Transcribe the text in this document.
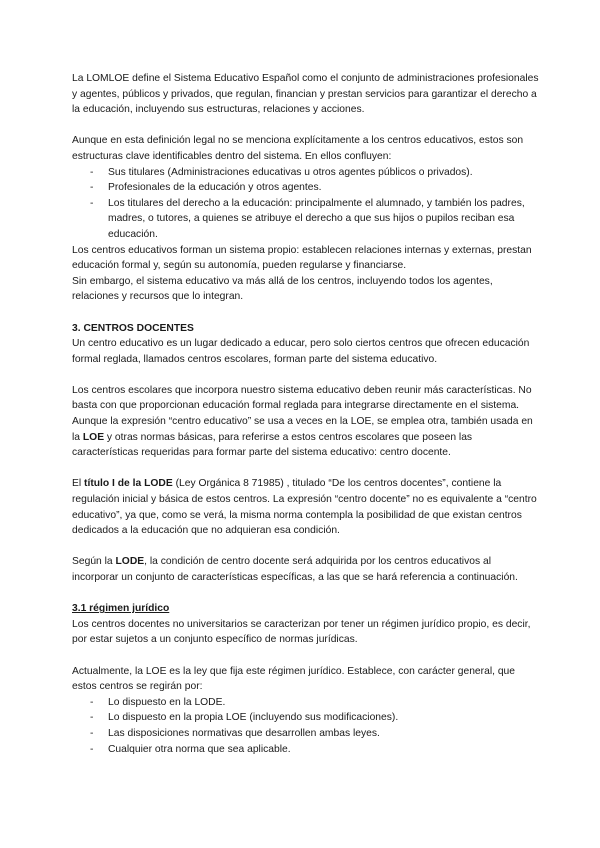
La LOMLOE define el Sistema Educativo Español como el conjunto de administraciones profesionales y agentes, públicos y privados, que regulan, financian y prestan servicios para garantizar el derecho a la educación, incluyendo sus estructuras, relaciones y acciones.

Aunque en esta definición legal no se menciona explícitamente a los centros educativos, estos son estructuras clave identificables dentro del sistema. En ellos confluyen:

- Sus titulares (Administraciones educativas u otros agentes públicos o privados).
- Profesionales de la educación y otros agentes.
- Los titulares del derecho a la educación: principalmente el alumnado, y también los padres, madres, o tutores, a quienes se atribuye el derecho a que sus hijos o pupilos reciban esa educación.

Los centros educativos forman un sistema propio: establecen relaciones internas y externas, prestan educación formal y, según su autonomía, pueden regularse y financiarse.

Sin embargo, el sistema educativo va más allá de los centros, incluyendo todos los agentes, relaciones y recursos que lo integran.

3. CENTROS DOCENTES

Un centro educativo es un lugar dedicado a educar, pero solo ciertos centros que ofrecen educación formal reglada, llamados centros escolares, forman parte del sistema educativo.

Los centros escolares que incorpora nuestro sistema educativo deben reunir más características. No basta con que proporcionan educación formal reglada para integrarse directamente en el sistema.

Aunque la expresión “centro educativo” se usa a veces en la LOE, se emplea otra, también usada en la LOE y otras normas básicas, para referirse a estos centros escolares que poseen las características requeridas para formar parte del sistema educativo: centro docente.

El título I de la LODE (Ley Orgánica 8 71985) , titulado “De los centros docentes”, contiene la regulación inicial y básica de estos centros. La expresión “centro docente” no es equivalente a “centro educativo”, ya que, como se verá, la misma norma contempla la posibilidad de que existan centros dedicados a la educación que no adquieran esa condición.

Según la LODE, la condición de centro docente será adquirida por los centros educativos al incorporar un conjunto de características específicas, a las que se hará referencia a continuación.

3.1 régimen jurídico

Los centros docentes no universitarios se caracterizan por tener un régimen jurídico propio, es decir, por estar sujetos a un conjunto específico de normas jurídicas.

Actualmente, la LOE es la ley que fija este régimen jurídico. Establece, con carácter general, que estos centros se regirán por:

- Lo dispuesto en la LODE.
- Lo dispuesto en la propia LOE (incluyendo sus modificaciones).
- Las disposiciones normativas que desarrollen ambas leyes.
- Cualquier otra norma que sea aplicable.
